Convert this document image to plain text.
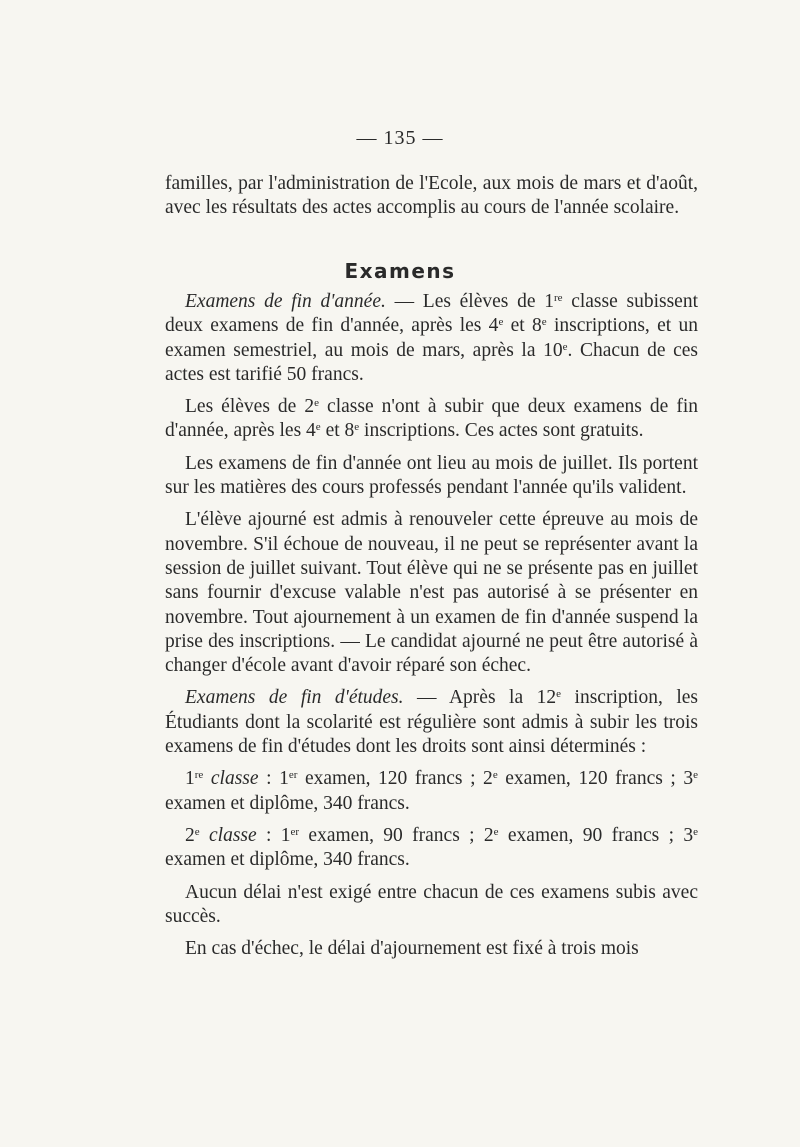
— 135 —

familles, par l'administration de l'Ecole, aux mois de mars et d'août, avec les résultats des actes accomplis au cours de l'année scolaire.

Examens

Examens de fin d'année. — Les élèves de 1re classe subissent deux examens de fin d'année, après les 4e et 8e inscriptions, et un examen semestriel, au mois de mars, après la 10e. Chacun de ces actes est tarifié 50 francs.

Les élèves de 2e classe n'ont à subir que deux examens de fin d'année, après les 4e et 8e inscriptions. Ces actes sont gratuits.

Les examens de fin d'année ont lieu au mois de juillet. Ils portent sur les matières des cours professés pendant l'année qu'ils valident.

L'élève ajourné est admis à renouveler cette épreuve au mois de novembre. S'il échoue de nouveau, il ne peut se représenter avant la session de juillet suivant. Tout élève qui ne se présente pas en juillet sans fournir d'excuse valable n'est pas autorisé à se présenter en novembre. Tout ajournement à un examen de fin d'année suspend la prise des inscriptions. — Le candidat ajourné ne peut être autorisé à changer d'école avant d'avoir réparé son échec.

Examens de fin d'études. — Après la 12e inscription, les Étudiants dont la scolarité est régulière sont admis à subir les trois examens de fin d'études dont les droits sont ainsi déterminés :

1re classe : 1er examen, 120 francs ; 2e examen, 120 francs ; 3e examen et diplôme, 340 francs.

2e classe : 1er examen, 90 francs ; 2e examen, 90 francs ; 3e examen et diplôme, 340 francs.

Aucun délai n'est exigé entre chacun de ces examens subis avec succès.

En cas d'échec, le délai d'ajournement est fixé à trois mois
